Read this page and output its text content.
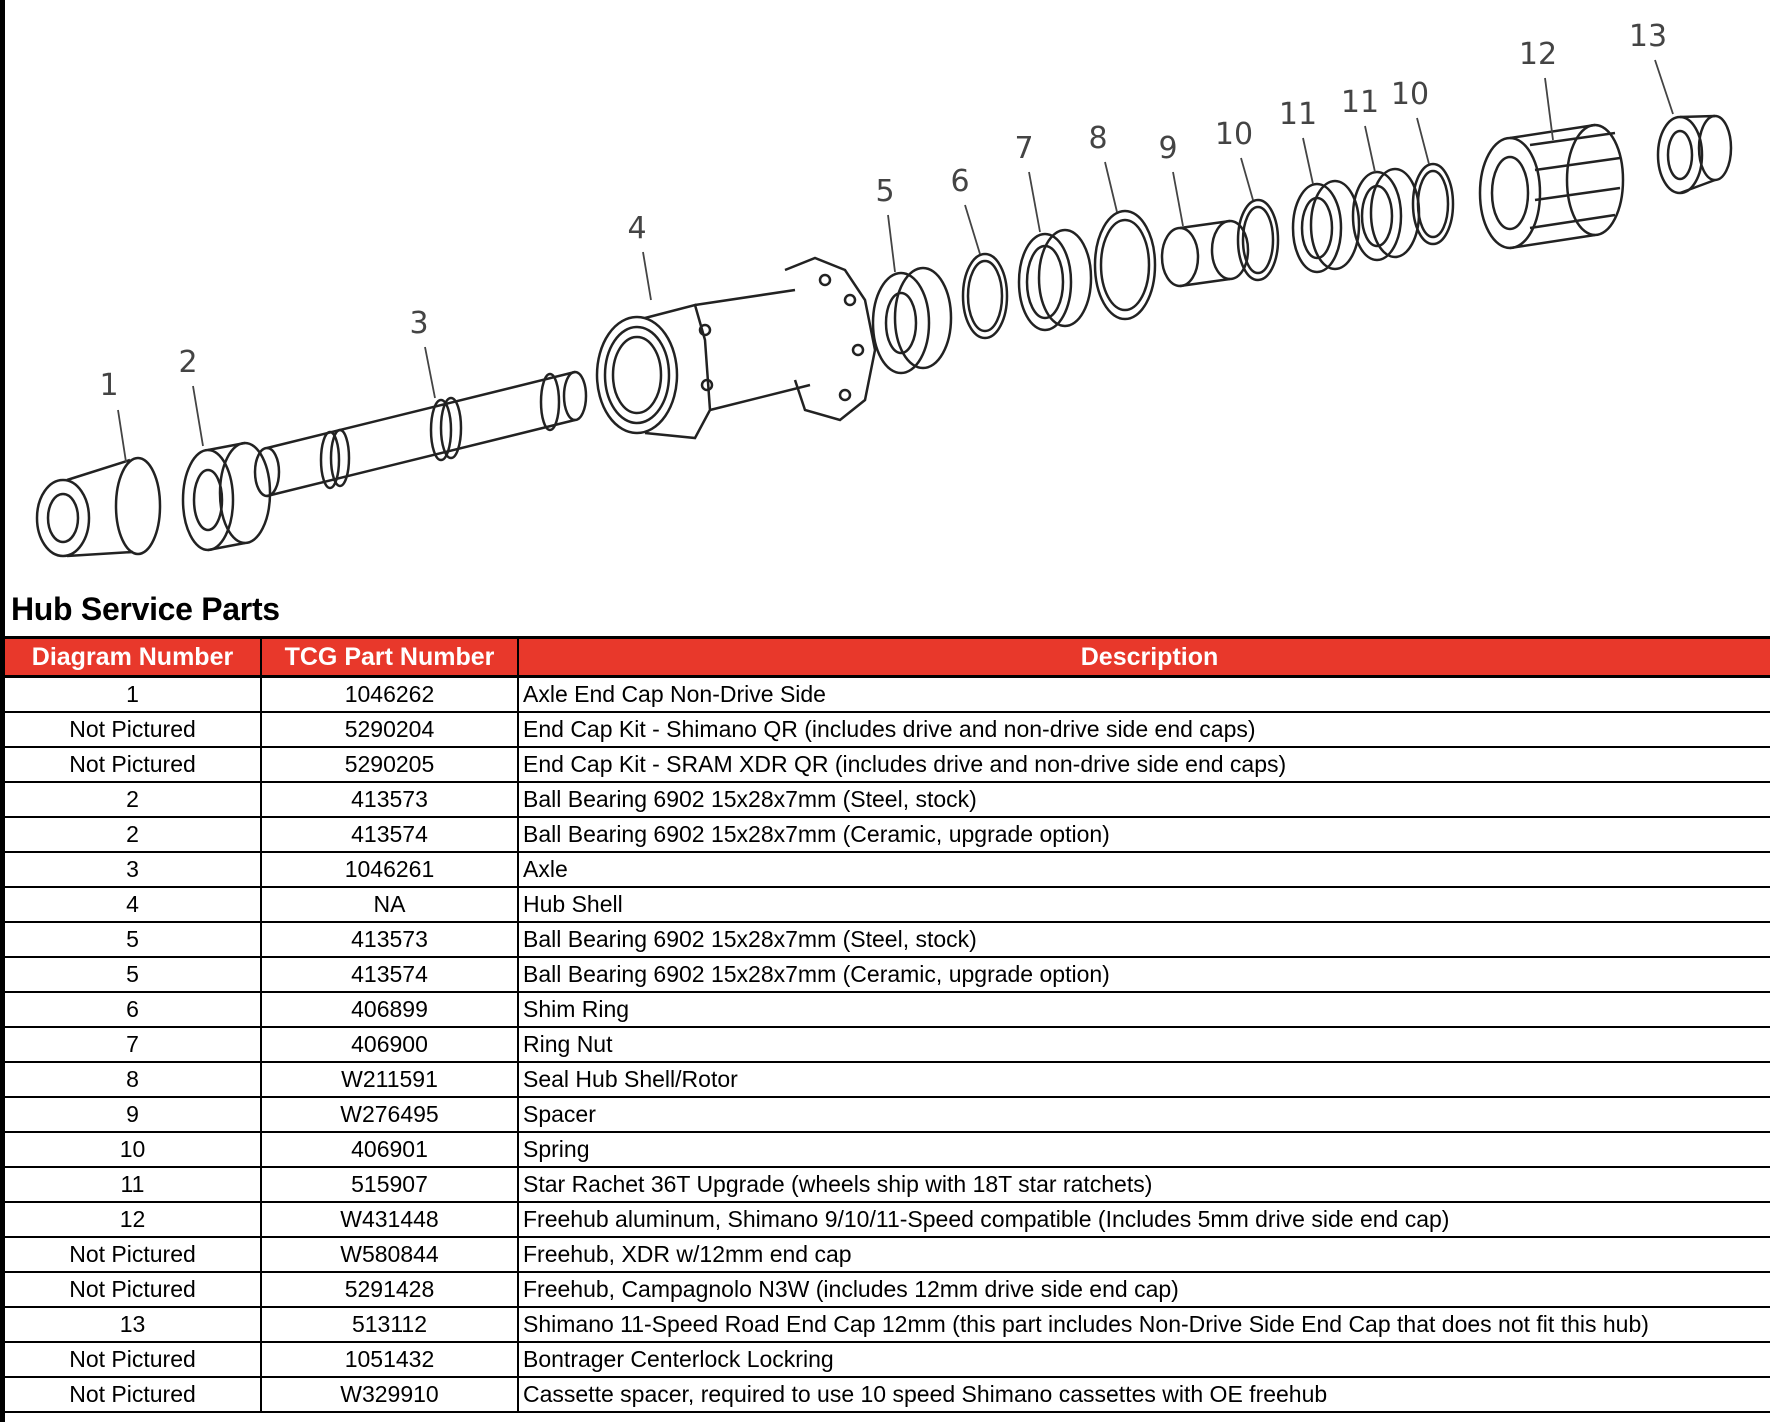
1
2
3
4
5 6
7 8 9 10
11 11 10
12
13
Hub Service Parts
Diagram Number	TCG Part Number	Description
1	1046262	Axle End Cap Non-Drive Side
Not Pictured	5290204	End Cap Kit - Shimano QR (includes drive and non-drive side end caps)
Not Pictured	5290205	End Cap Kit - SRAM XDR QR (includes drive and non-drive side end caps)
2	413573	Ball Bearing 6902 15x28x7mm (Steel, stock)
2	413574	Ball Bearing 6902 15x28x7mm (Ceramic, upgrade option)
3	1046261	Axle
4	NA	Hub Shell
5	413573	Ball Bearing 6902 15x28x7mm (Steel, stock)
5	413574	Ball Bearing 6902 15x28x7mm (Ceramic, upgrade option)
6	406899	Shim Ring
7	406900	Ring Nut
8	W211591	Seal Hub Shell/Rotor
9	W276495	Spacer
10	406901	Spring
11	515907	Star Rachet 36T Upgrade (wheels ship with 18T star ratchets)
12	W431448	Freehub aluminum, Shimano 9/10/11-Speed compatible (Includes 5mm drive side end cap)
Not Pictured	W580844	Freehub, XDR w/12mm end cap
Not Pictured	5291428	Freehub, Campagnolo N3W (includes 12mm drive side end cap)
13	513112	Shimano 11-Speed Road End Cap 12mm (this part includes Non-Drive Side End Cap that does not fit this hub)
Not Pictured	1051432	Bontrager Centerlock Lockring
Not Pictured	W329910	Cassette spacer, required to use 10 speed Shimano cassettes with OE freehub
